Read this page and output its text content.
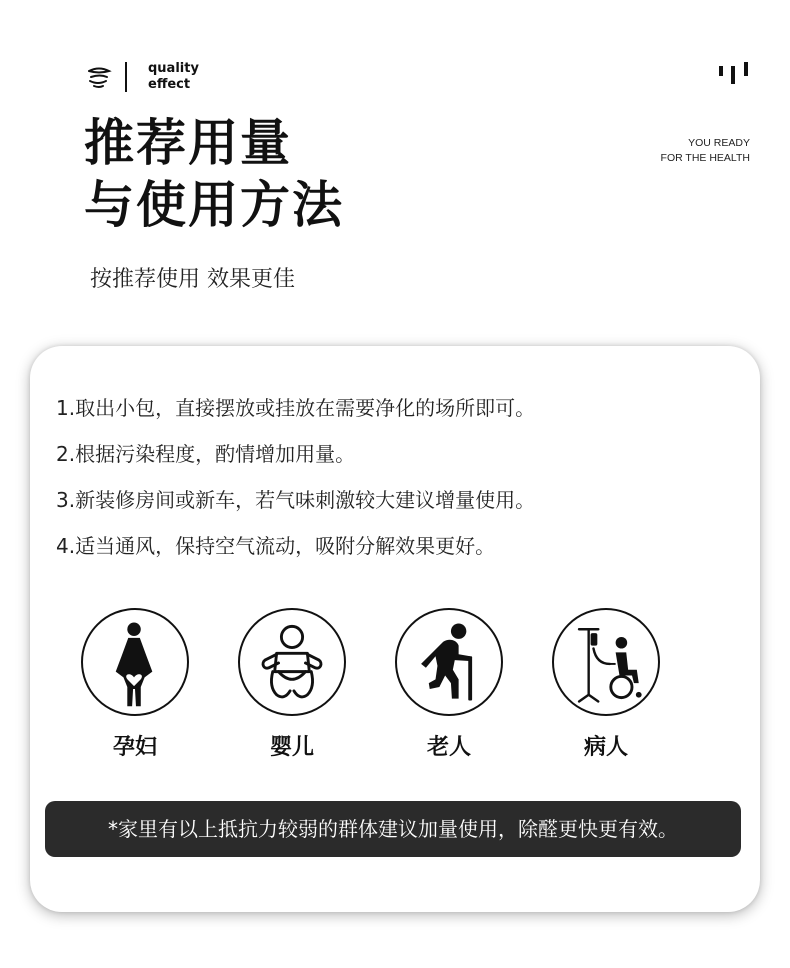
quality
effect
YOU READY
FOR THE HEALTH
推荐用量
与使用方法
按推荐使用 效果更佳
1.取出小包，直接摆放或挂放在需要净化的场所即可。
2.根据污染程度，酌情增加用量。
3.新装修房间或新车，若气味刺激较大建议增量使用。
4.适当通风，保持空气流动，吸附分解效果更好。
孕妇	婴儿	老人	病人
*家里有以上抵抗力较弱的群体建议加量使用，除醛更快更有效。
